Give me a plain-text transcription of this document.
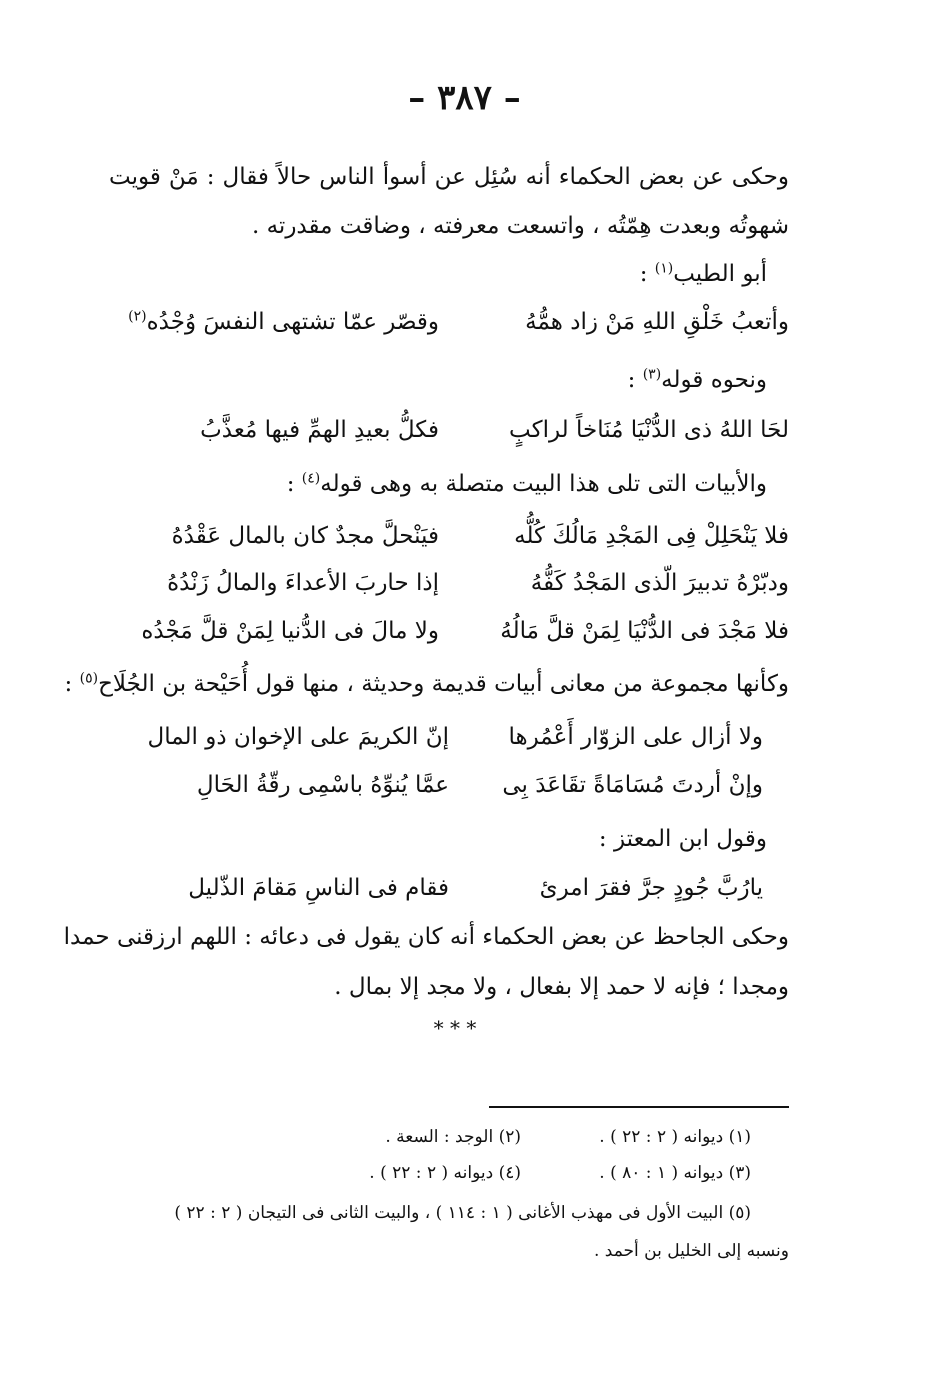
– ٣٨٧ –
وحكى عن بعض الحكماء أنه سُئِل عن أسوأ الناس حالاً فقال : مَنْ قويت
شهوتُه وبعدت هِمّتُه ، واتسعت معرفته ، وضاقت مقدرته .
أبو الطيب$^{(١)}$ :
وأتعبُ خَلْقِ اللهِ مَنْ زاد همُّهُ
وقصّر عمّا تشتهى النفسَ وُجْدُه$^{(٢)}$
ونحوه قوله$^{(٣)}$ :
لحَا اللهُ ذى الدُّنْيَا مُنَاخاً لراكبٍ
فكلُّ بعيدِ الهمِّ فيها مُعذَّبُ
والأبيات التى تلى هذا البيت متصلة به وهى قوله$^{(٤)}$ :
فلا يَنْحَلِلْ فِى المَجْدِ مَالُكَ كُلُّه
فيَنْحلَّ مجدٌ كان بالمال عَقْدُهُ
ودبّرْهُ تدبيرَ الّذى المَجْدُ كَفُّهُ
إذا حاربَ الأعداءَ والمالُ زَنْدُهُ
فلا مَجْدَ فى الدُّنْيَا لِمَنْ قلَّ مَالُهُ
ولا مالَ فى الدُّنيا لِمَنْ قلَّ مَجْدُه
وكأنها مجموعة من معانى أبيات قديمة وحديثة ، منها قول أُحَيْحة بن الجُلَاح$^{(٥)}$ :
ولا أزال على الزوّار أَعْمُرها
إنّ الكريمَ على الإخوان ذو المال
وإنْ أردتَ مُسَامَاةً تقَاعَدَ بِى
عمَّا يُنوِّهُ باسْمِى رقّةُ الحَالِ
وقول ابن المعتز :
يارُبَّ جُودٍ جرَّ فقرَ امرئ
فقام فى الناسِ مَقامَ الذّليل
وحكى الجاحظ عن بعض الحكماء أنه كان يقول فى دعائه : اللهم ارزقنى حمدا
ومجدا ؛ فإنه لا حمد إلا بفعال ، ولا مجد إلا بمال .
* * *
(١) ديوانه ( ٢ : ٢٢ ) .(٢) الوجد : السعة .
(٣) ديوانه ( ١ : ٨٠ ) .(٤) ديوانه ( ٢ : ٢٢ ) .
(٥) البيت الأول فى مهذب الأغانى ( ١ : ١١٤ ) ، والبيت الثانى فى التيجان ( ٢ : ٢٢ )
ونسبه إلى الخليل بن أحمد .
